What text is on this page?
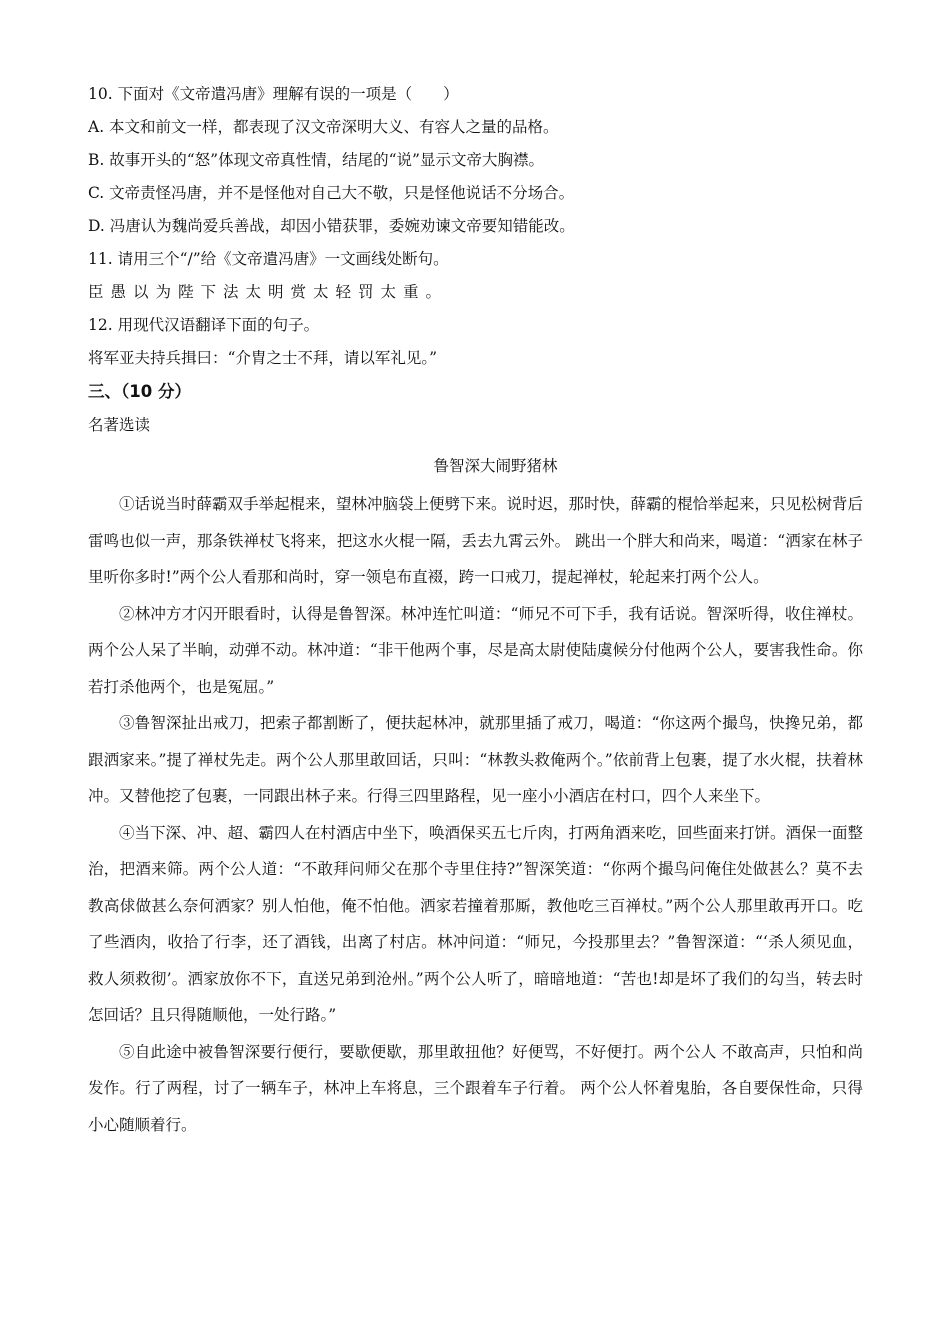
10. 下面对《文帝遣冯唐》理解有误的一项是（　　）

A. 本文和前文一样，都表现了汉文帝深明大义、有容人之量的品格。

B. 故事开头的“怒”体现文帝真性情，结尾的“说”显示文帝大胸襟。

C. 文帝责怪冯唐，并不是怪他对自己大不敬，只是怪他说话不分场合。

D. 冯唐认为魏尚爱兵善战，却因小错获罪，委婉劝谏文帝要知错能改。

11. 请用三个“/”给《文帝遣冯唐》一文画线处断句。

臣愚以为陛下法太明赏太轻罚太重。

12. 用现代汉语翻译下面的句子。

将军亚夫持兵揖曰：“介胄之士不拜，请以军礼见。”

三、（10 分）

名著选读

鲁智深大闹野猪林

①话说当时薛霸双手举起棍来，望林冲脑袋上便劈下来。说时迟，那时快，薛霸的棍恰举起来，只见松树背后雷鸣也似一声，那条铁禅杖飞将来，把这水火棍一隔，丢去九霄云外。 跳出一个胖大和尚来，喝道：“洒家在林子里听你多时!”两个公人看那和尚时，穿一领皂布直裰，跨一口戒刀，提起禅杖，轮起来打两个公人。

②林冲方才闪开眼看时，认得是鲁智深。林冲连忙叫道：“师兄不可下手，我有话说。智深听得，收住禅杖。两个公人呆了半晌，动弹不动。林冲道：“非干他两个事，尽是高太尉使陆虞候分付他两个公人，要害我性命。你若打杀他两个，也是冤屈。”

③鲁智深扯出戒刀，把索子都割断了，便扶起林冲，就那里插了戒刀，喝道：“你这两个撮鸟，快搀兄弟，都跟洒家来。”提了禅杖先走。两个公人那里敢回话，只叫：“林教头救俺两个。”依前背上包裹，提了水火棍，扶着林冲。又替他挖了包裹，一同跟出林子来。行得三四里路程，见一座小小酒店在村口，四个人来坐下。

④当下深、冲、超、霸四人在村酒店中坐下，唤酒保买五七斤肉，打两角酒来吃，回些面来打饼。酒保一面整治，把酒来筛。两个公人道：“不敢拜问师父在那个寺里住持?”智深笑道：“你两个撮鸟问俺住处做甚么？莫不去教高俅做甚么奈何洒家？别人怕他，俺不怕他。洒家若撞着那厮，教他吃三百禅杖。”两个公人那里敢再开口。吃了些酒肉，收拾了行李，还了酒钱，出离了村店。林冲问道：“师兄，今投那里去？”鲁智深道：“‘杀人须见血， 救人须救彻’。洒家放你不下，直送兄弟到沧州。”两个公人听了，暗暗地道：“苦也!却是坏了我们的勾当，转去时怎回话？且只得随顺他，一处行路。”

⑤自此途中被鲁智深要行便行，要歇便歇，那里敢扭他？好便骂，不好便打。两个公人 不敢高声，只怕和尚发作。行了两程，讨了一辆车子，林冲上车将息，三个跟着车子行着。 两个公人怀着鬼胎，各自要保性命，只得小心随顺着行。
